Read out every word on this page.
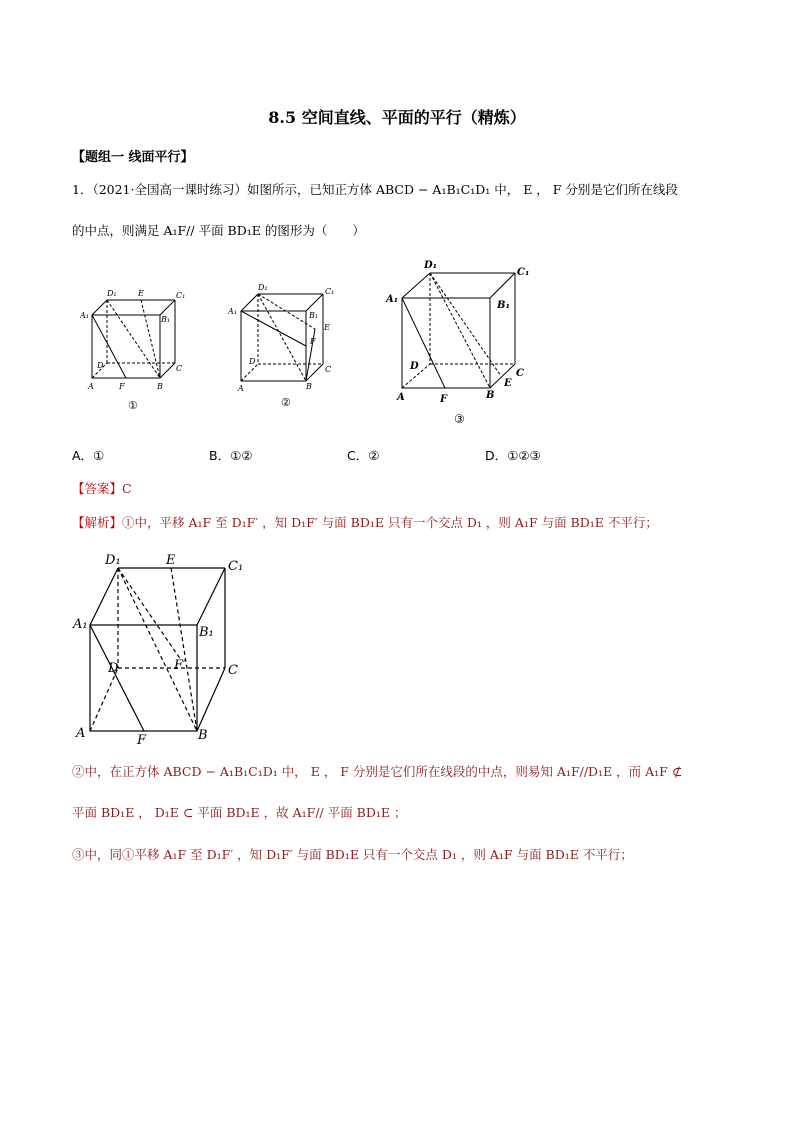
8.5 空间直线、平面的平行（精炼）
【题组一 线面平行】
1．（2021·全国高一课时练习）如图所示，已知正方体 ABCD − A₁B₁C₁D₁ 中， E ， F 分别是它们所在线段
的中点，则满足 A₁F// 平面 BD₁E 的图形为（　　）
D₁	E	C₁
A₁	B₁
D	C
A	F	B
①
D₁	C₁
A₁	B₁
E
F
D
C
A	B
②
D₁
C₁
A₁
B₁
D
C
E
A	F	B
③
A．①	B．①②	C．②	D．①②③
【答案】C
【解析】①中，平移 A₁F 至 D₁F′ ，知 D₁F′ 与面 BD₁E 只有一个交点 D₁ ，则 A₁F 与面 BD₁E 不平行；
D₁	E	C₁
A₁
B₁
D	F′	C
A	F	B
②中，在正方体 ABCD − A₁B₁C₁D₁ 中， E ， F 分别是它们所在线段的中点，则易知 A₁F//D₁E ，而 A₁F ⊄
平面 BD₁E ， D₁E ⊂ 平面 BD₁E ，故 A₁F// 平面 BD₁E ；
③中，同①平移 A₁F 至 D₁F′ ，知 D₁F′ 与面 BD₁E 只有一个交点 D₁ ，则 A₁F 与面 BD₁E 不平行；
